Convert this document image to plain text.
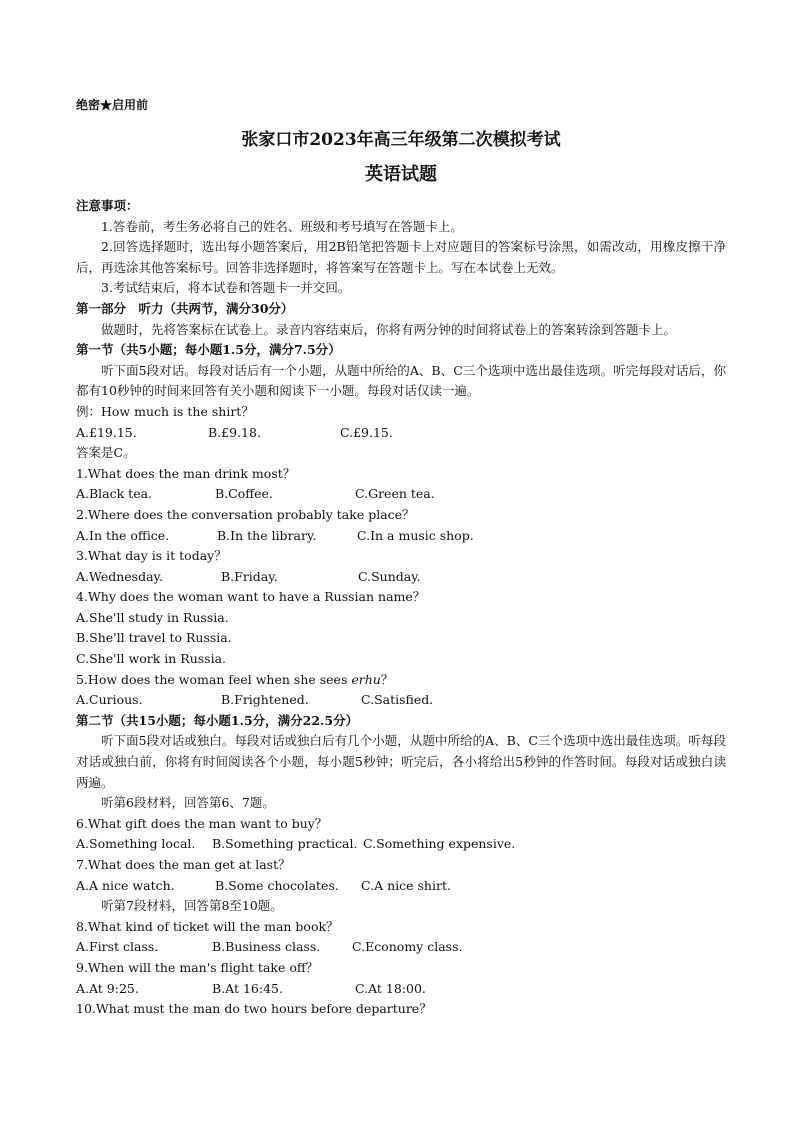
绝密★启用前
张家口市2023年高三年级第二次模拟考试
英语试题
注意事项：
1.答卷前，考生务必将自己的姓名、班级和考号填写在答题卡上。
2.回答选择题时，选出每小题答案后，用2B铅笔把答题卡上对应题目的答案标号涂黑，如需改动，用橡皮擦干净后，再选涂其他答案标号。回答非选择题时，将答案写在答题卡上。写在本试卷上无效。
3.考试结束后，将本试卷和答题卡一并交回。
第一部分　听力（共两节，满分30分）
做题时，先将答案标在试卷上。录音内容结束后，你将有两分钟的时间将试卷上的答案转涂到答题卡上。
第一节（共5小题；每小题1.5分，满分7.5分）
听下面5段对话。每段对话后有一个小题，从题中所给的A、B、C三个选项中选出最佳选项。听完每段对话后，你都有10秒钟的时间来回答有关小题和阅读下一小题。每段对话仅读一遍。
例：How much is the shirt？
A.£19.15.	B.£9.18.	C.£9.15.
答案是C。
1.What does the man drink most？
A.Black tea.	B.Coffee.	C.Green tea.
2.Where does the conversation probably take place？
A.In the office.	B.In the library.	C.In a music shop.
3.What day is it today？
A.Wednesday.	B.Friday.	C.Sunday.
4.Why does the woman want to have a Russian name？
A.She'll study in Russia.
B.She'll travel to Russia.
C.She'll work in Russia.
5.How does the woman feel when she sees erhu？
A.Curious.	B.Frightened.	C.Satisfied.
第二节（共15小题；每小题1.5分，满分22.5分）
听下面5段对话或独白。每段对话或独白后有几个小题，从题中所给的A、B、C三个选项中选出最佳选项。听每段对话或独白前，你将有时间阅读各个小题，每小题5秒钟；听完后，各小将给出5秒钟的作答时间。每段对话或独白读两遍。
听第6段材料，回答第6、7题。
6.What gift does the man want to buy？
A.Something local.	B.Something practical. C.Something expensive.
7.What does the man get at last？
A.A nice watch.	B.Some chocolates.	C.A nice shirt.
听第7段材料，回答第8至10题。
8.What kind of ticket will the man book？
A.First class.	B.Business class.	C.Economy class.
9.When will the man's flight take off？
A.At 9:25.	B.At 16:45.	C.At 18:00.
10.What must the man do two hours before departure？
